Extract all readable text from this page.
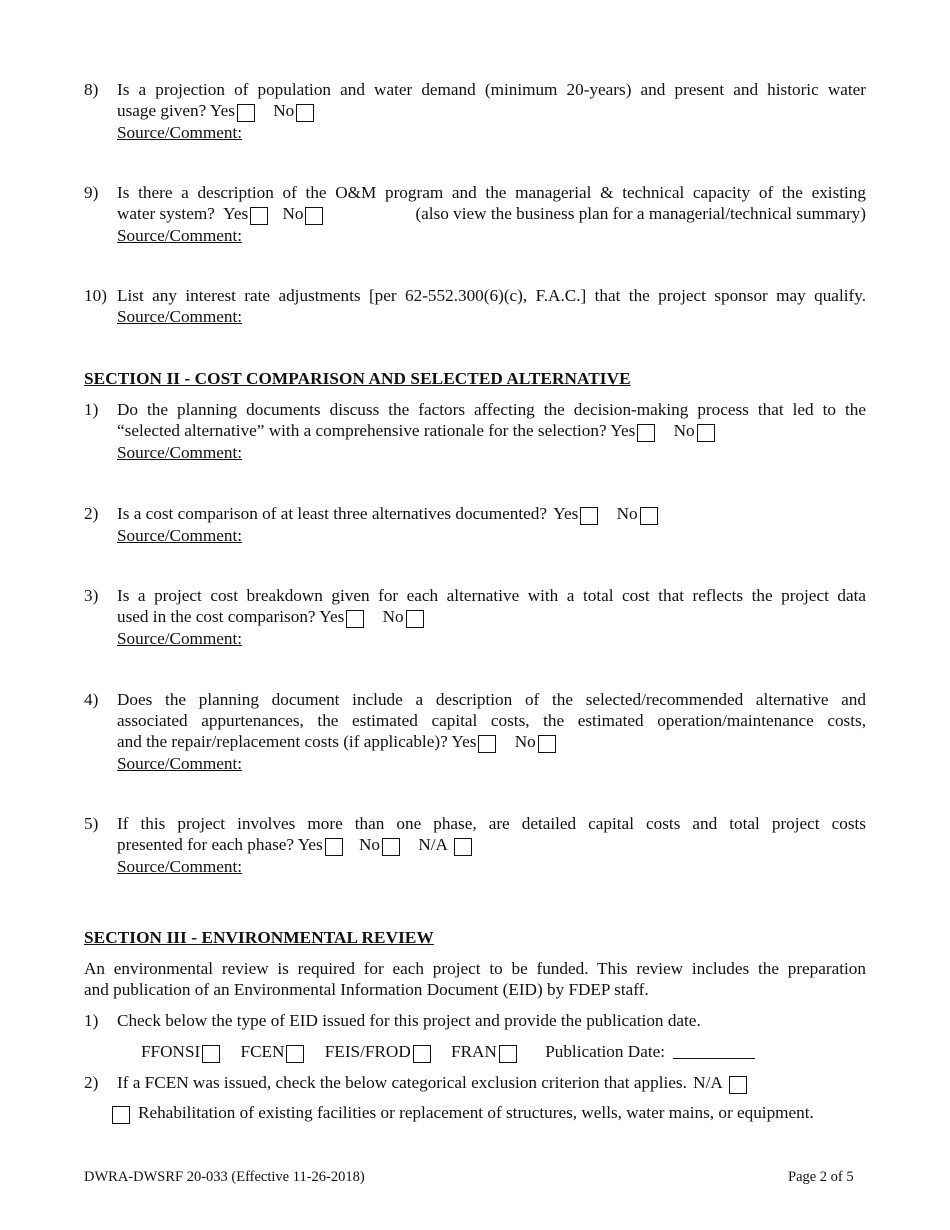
8)	Is a projection of population and water demand (minimum 20-years) and present and historic water
usage given? Yes No
Source/Comment:
9)	Is there a description of the O&M program and the managerial & technical capacity of the existing
water system? Yes No	(also view the business plan for a managerial/technical summary)
Source/Comment:
10) List any interest rate adjustments [per 62-552.300(6)(c), F.A.C.] that the project sponsor may qualify.
Source/Comment:
SECTION II - COST COMPARISON AND SELECTED ALTERNATIVE
1)	Do the planning documents discuss the factors affecting the decision-making process that led to the
“selected alternative” with a comprehensive rationale for the selection? Yes No
Source/Comment:
2)	Is a cost comparison of at least three alternatives documented? Yes No
Source/Comment:
3)	Is a project cost breakdown given for each alternative with a total cost that reflects the project data
used in the cost comparison? Yes No
Source/Comment:
4)	Does the planning document include a description of the selected/recommended alternative and
associated appurtenances, the estimated capital costs, the estimated operation/maintenance costs,
and the repair/replacement costs (if applicable)? Yes No
Source/Comment:
5)	If this project involves more than one phase, are detailed capital costs and total project costs
presented for each phase? Yes No N/A
Source/Comment:
SECTION III - ENVIRONMENTAL REVIEW
An environmental review is required for each project to be funded. This review includes the preparation
and publication of an Environmental Information Document (EID) by FDEP staff.
1)	Check below the type of EID issued for this project and provide the publication date.
FFONSI FCEN FEIS/FROD FRAN	Publication Date:
2)	If a FCEN was issued, check the below categorical exclusion criterion that applies. N/A
Rehabilitation of existing facilities or replacement of structures, wells, water mains, or equipment.
DWRA-DWSRF 20-033 (Effective 11-26-2018)	Page 2 of 5
